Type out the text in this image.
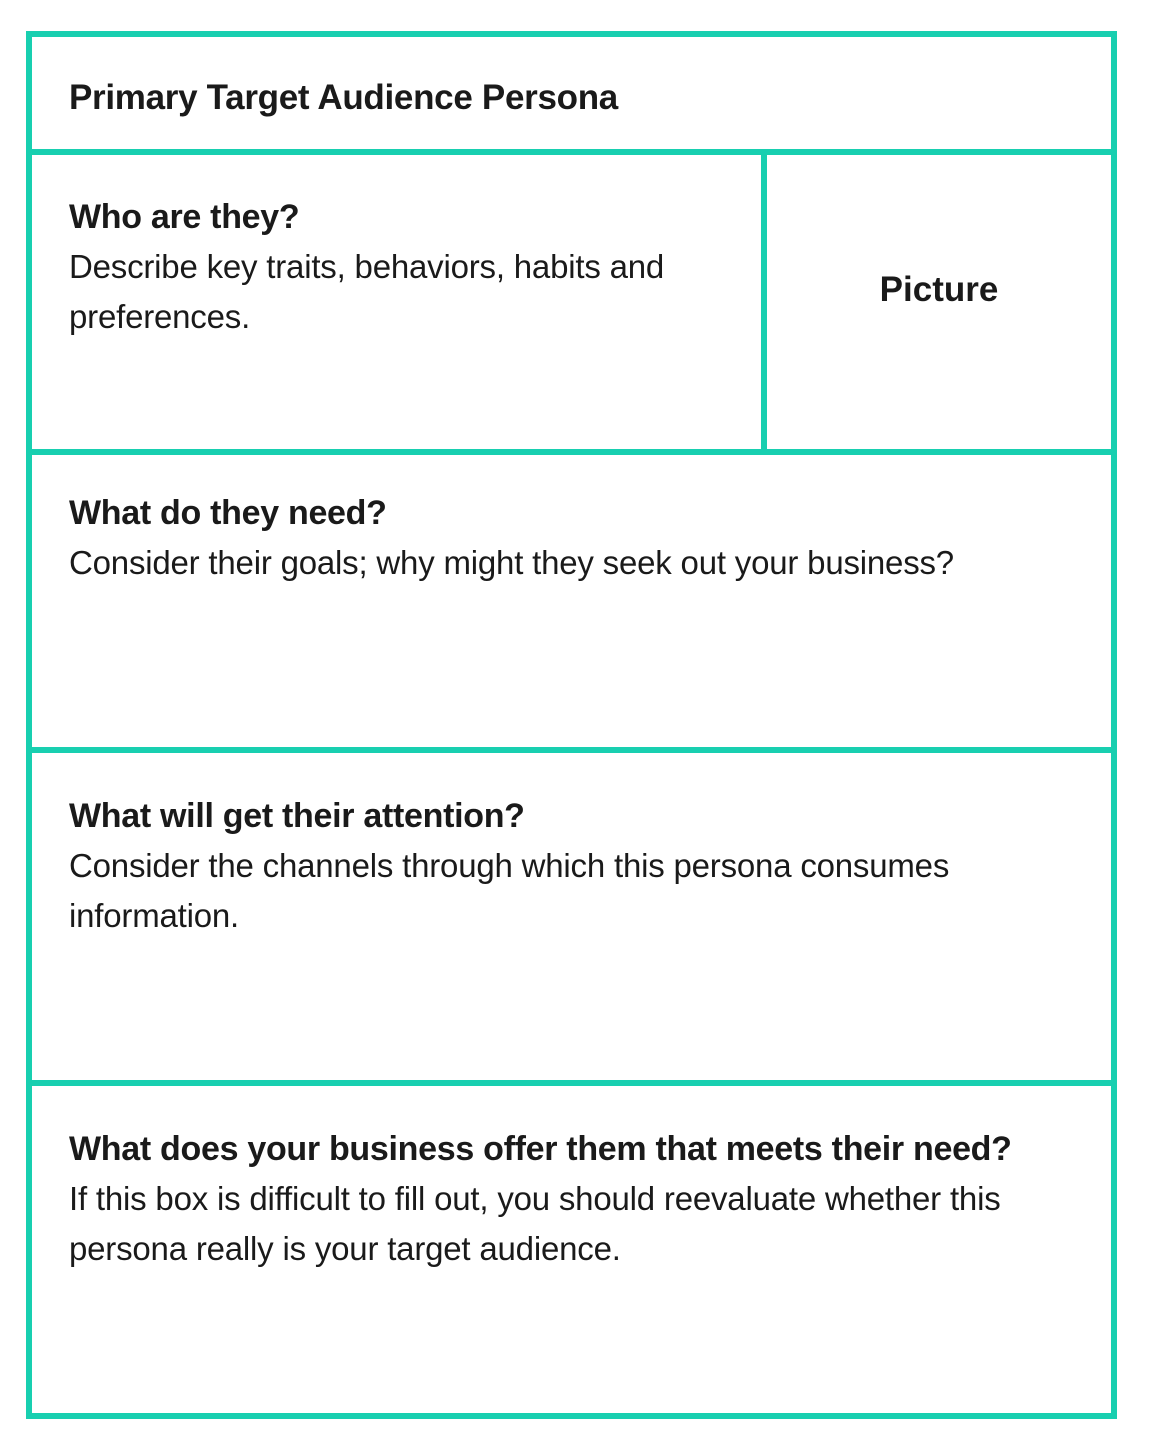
Primary Target Audience Persona

Who are they?

Describe key traits, behaviors, habits and preferences.

Picture

What do they need?

Consider their goals; why might they seek out your business?

What will get their attention?

Consider the channels through which this persona consumes information.

What does your business offer them that meets their need?

If this box is difficult to fill out, you should reevaluate whether this persona really is your target audience.
